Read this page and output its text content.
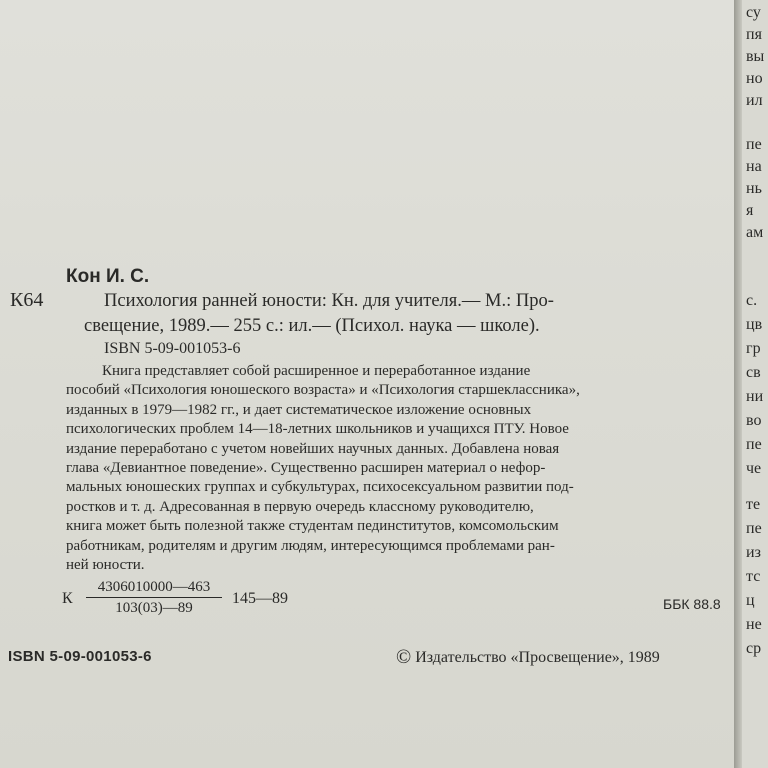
Кон И. С.
К64	Психология ранней юности: Кн. для учителя.— М.: Про-
свещение, 1989.— 255 с.: ил.— (Психол. наука — школе).
ISBN 5-09-001053-6
Книга представляет собой расширенное и переработанное издание
пособий «Психология юношеского возраста» и «Психология старшеклассника»,
изданных в 1979—1982 гг., и дает систематическое изложение основных
психологических проблем 14—18-летних школьников и учащихся ПТУ. Новое
издание переработано с учетом новейших научных данных. Добавлена новая
глава «Девиантное поведение». Существенно расширен материал о нефор-
мальных юношеских группах и субкультурах, психосексуальном развитии под-
ростков и т. д. Адресованная в первую очередь классному руководителю,
книга может быть полезной также студентам пединститутов, комсомольским
работникам, родителям и другим людям, интересующимся проблемами ран-
ней юности.
К $\frac{4306010000—463}{103(03)—89}$ 145—89	ББК 88.8
ISBN 5-09-001053-6	© Издательство «Просвещение», 1989
су
пя
вы
но
ил
пе
на
нь
я
ам
с.
цв
гр
св
ни
во
пе
че
те
пе
из
тс
ц
не
ср
